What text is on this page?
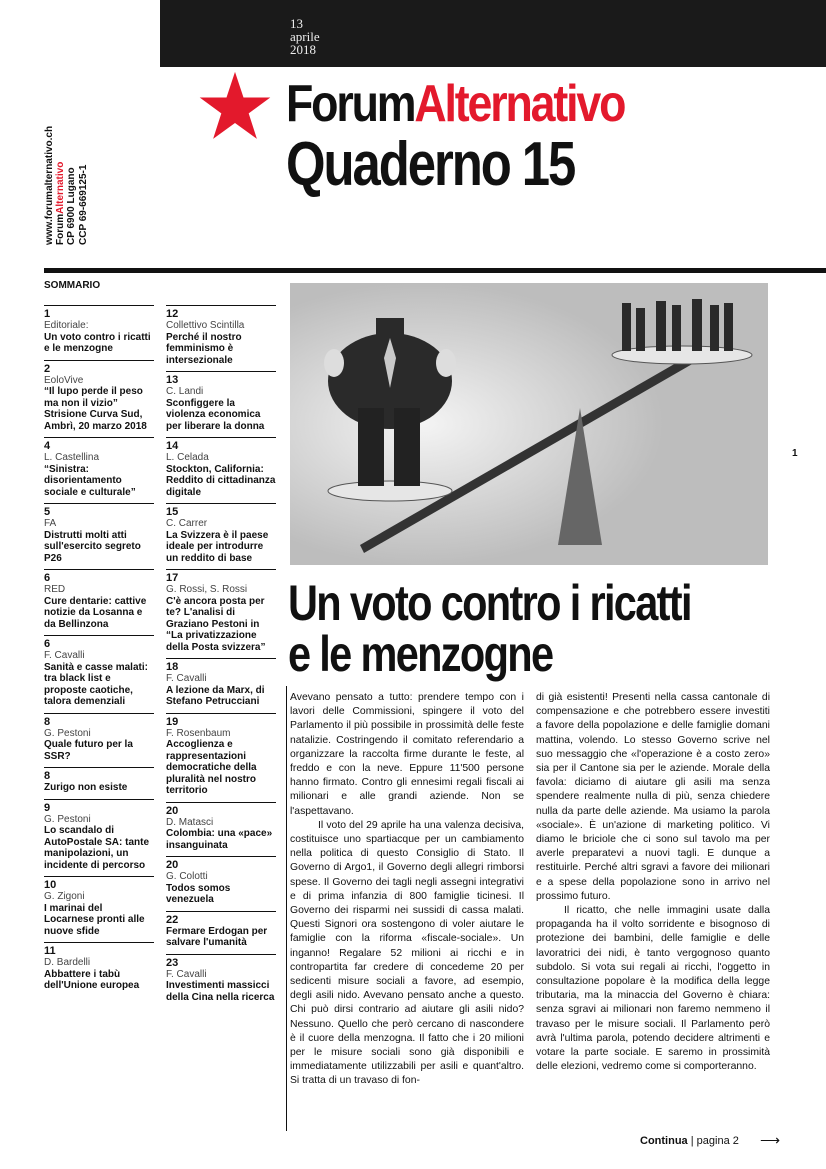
13
aprile
2018
ForumAlternativo
Quaderno 15
www.forumalternativo.ch ForumAlternativo CP 6900 Lugano CCP 69-669125-1
1
SOMMARIO
1
Editoriale:
Un voto contro i ricatti e le menzogne
2
EoloVive
“Il lupo perde il peso ma non il vizio” Strisione Curva Sud, Ambrì, 20 marzo 2018
4
L. Castellina
“Sinistra: disorientamento sociale e culturale”
5
FA
Distrutti molti atti sull'esercito segreto P26
6
RED
Cure dentarie: cattive notizie da Losanna e da Bellinzona
6
F. Cavalli
Sanità e casse malati: tra black list e proposte caotiche, talora demenziali
8
G. Pestoni
Quale futuro per la SSR?
8
Zurigo non esiste
9
G. Pestoni
Lo scandalo di AutoPostale SA: tante manipolazioni, un incidente di percorso
10
G. Zigoni
I marinai del Locarnese pronti alle nuove sfide
11
D. Bardelli
Abbattere i tabù dell'Unione europea
12
Collettivo Scintilla
Perché il nostro femminismo è intersezionale
13
C. Landi
Sconfiggere la violenza economica per liberare la donna
14
L. Celada
Stockton, California: Reddito di cittadinanza digitale
15
C. Carrer
La Svizzera è il paese ideale per introdurre un reddito di base
17
G. Rossi, S. Rossi
C'è ancora posta per te? L'analisi di Graziano Pestoni in “La privatizzazione della Posta svizzera”
18
F. Cavalli
A lezione da Marx, di Stefano Petrucciani
19
F. Rosenbaum
Accoglienza e rappresentazioni democratiche della pluralità nel nostro territorio
20
D. Matasci
Colombia: una «pace» insanguinata
20
G. Colotti
Todos somos venezuela
22
Fermare Erdogan per salvare l'umanità
23
F. Cavalli
Investimenti massicci della Cina nella ricerca
Un voto contro i ricatti
e le menzogne

Avevano pensato a tutto: prendere tempo con i lavori delle Commissioni, spingere il voto del Parlamento il più possibile in prossimità delle feste natalizie. Costringendo il comitato referendario a organizzare la raccolta firme durante le feste, al freddo e con la neve. Eppure 11'500 persone hanno firmato. Contro gli ennesimi regali fiscali ai milionari e alle grandi aziende. Non se l'aspettavano.

Il voto del 29 aprile ha una valenza decisiva, costituisce uno spartiacque per un cambiamento nella politica di questo Consiglio di Stato. Il Governo di Argo1, il Governo degli allegri rimborsi spese. Il Governo dei tagli negli assegni integrativi e di prima infanzia di 800 famiglie ticinesi. Il Governo dei risparmi nei sussidi di cassa malati. Questi Signori ora sostengono di voler aiutare le famiglie con la riforma «fiscale-sociale». Un inganno! Regalare 52 milioni ai ricchi e in contropartita far credere di concedeme 20 per sedicenti misure sociali a favore, ad esempio, degli asili nido. Avevano pensato anche a questo. Chi può dirsi contrario ad aiutare gli asili nido? Nessuno. Quello che però cercano di nascondere è il cuore della menzogna. Il fatto che i 20 milioni per le misure sociali sono già disponibili e immediatamente utilizzabili per asili e quant'altro. Si tratta di un travaso di fon-

di già esistenti! Presenti nella cassa cantonale di compensazione e che potrebbero essere investiti a favore della popolazione e delle famiglie domani mattina, volendo. Lo stesso Governo scrive nel suo messaggio che «l'operazione è a costo zero» sia per il Cantone sia per le aziende. Morale della favola: diciamo di aiutare gli asili ma senza spendere realmente nulla di più, senza chiedere nulla da parte delle aziende. Ma usiamo la parola «sociale». È un'azione di marketing politico. Vi diamo le briciole che ci sono sul tavolo ma per averle preparatevi a nuovi tagli. E dunque a restituirle. Perché altri sgravi a favore dei milionari e a spese della popolazione sono in arrivo nel prossimo futuro.

Il ricatto, che nelle immagini usate dalla propaganda ha il volto sorridente e bisognoso di protezione dei bambini, delle famiglie e delle lavoratrici dei nidi, è tanto vergognoso quanto subdolo. Si vota sui regali ai ricchi, l'oggetto in consultazione popolare è la modifica della legge tributaria, ma la minaccia del Governo è chiara: senza sgravi ai milionari non faremo nemmeno il travaso per le misure sociali. Il Parlamento però avrà l'ultima parola, potendo decidere altrimenti e votare la parte sociale. E saremo in prossimità delle elezioni, vedremo come si comporteranno.

Continua | pagina 2 ⟶
